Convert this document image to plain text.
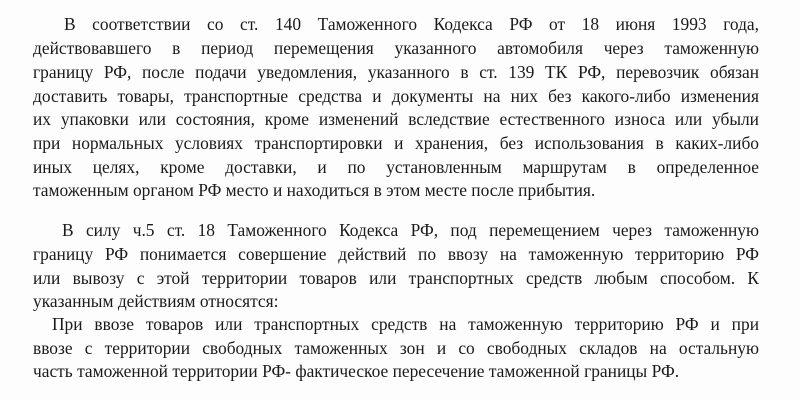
В соответствии со ст. 140 Таможенного Кодекса РФ от 18 июня 1993 года,
действовавшего в период перемещения указанного автомобиля через таможенную
границу РФ, после подачи уведомления, указанного в ст. 139 ТК РФ, перевозчик обязан
доставить товары, транспортные средства и документы на них без какого-либо изменения
их упаковки или состояния, кроме изменений вследствие естественного износа или убыли
при нормальных условиях транспортировки и хранения, без использования в каких-либо
иных целях, кроме доставки, и по установленным маршрутам в определенное
таможенным органом РФ место и находиться в этом месте после прибытия.
В силу ч.5 ст. 18 Таможенного Кодекса РФ, под перемещением через таможенную
границу РФ понимается совершение действий по ввозу на таможенную территорию РФ
или вывозу с этой территории товаров или транспортных средств любым способом. К
указанным действиям относятся:
При ввозе товаров или транспортных средств на таможенную территорию РФ и при
ввозе с территории свободных таможенных зон и со свободных складов на остальную
часть таможенной территории РФ- фактическое пересечение таможенной границы РФ.
